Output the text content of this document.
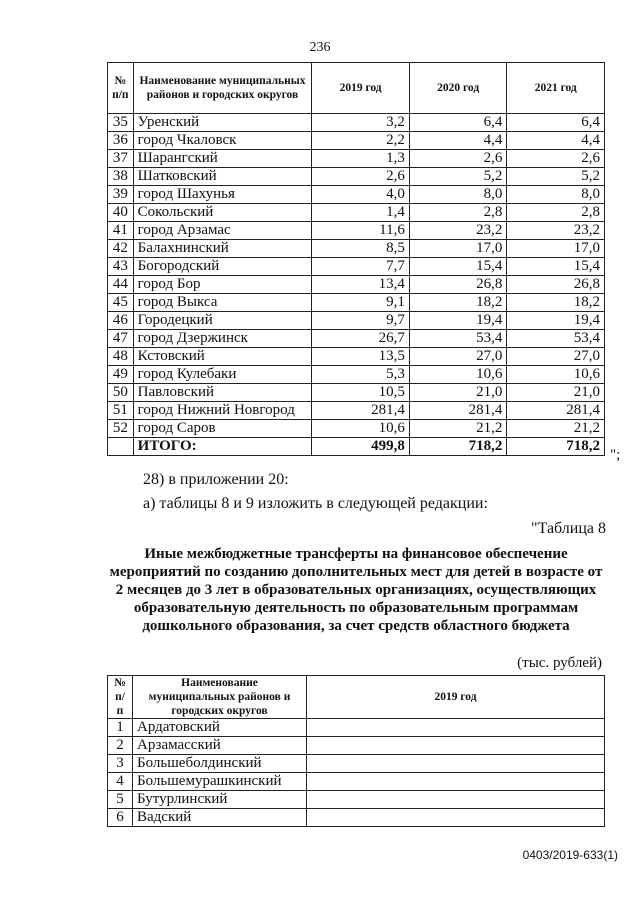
236
№ п/п	Наименование муниципальных районов и городских округов	2019 год	2020 год	2021 год
35	Уренский	3,2	6,4	6,4
36	город Чкаловск	2,2	4,4	4,4
37	Шарангский	1,3	2,6	2,6
38	Шатковский	2,6	5,2	5,2
39	город Шахунья	4,0	8,0	8,0
40	Сокольский	1,4	2,8	2,8
41	город Арзамас	11,6	23,2	23,2
42	Балахнинский	8,5	17,0	17,0
43	Богородский	7,7	15,4	15,4
44	город Бор	13,4	26,8	26,8
45	город Выкса	9,1	18,2	18,2
46	Городецкий	9,7	19,4	19,4
47	город Дзержинск	26,7	53,4	53,4
48	Кстовский	13,5	27,0	27,0
49	город Кулебаки	5,3	10,6	10,6
50	Павловский	10,5	21,0	21,0
51	город Нижний Новгород	281,4	281,4	281,4
52	город Саров	10,6	21,2	21,2
	ИТОГО:	499,8	718,2	718,2
";
28) в приложении 20:
а) таблицы 8 и 9 изложить в следующей редакции:
"Таблица 8
Иные межбюджетные трансферты на финансовое обеспечение мероприятий по созданию дополнительных мест для детей в возрасте от 2 месяцев до 3 лет в образовательных организациях, осуществляющих образовательную деятельность по образовательным программам дошкольного образования, за счет средств областного бюджета
(тыс. рублей)
№ п/п	Наименование муниципальных районов и городских округов	2019 год
1	Ардатовский	
2	Арзамасский	
3	Большеболдинский	
4	Большемурашкинский	
5	Бутурлинский	
6	Вадский	
0403/2019-633(1)
